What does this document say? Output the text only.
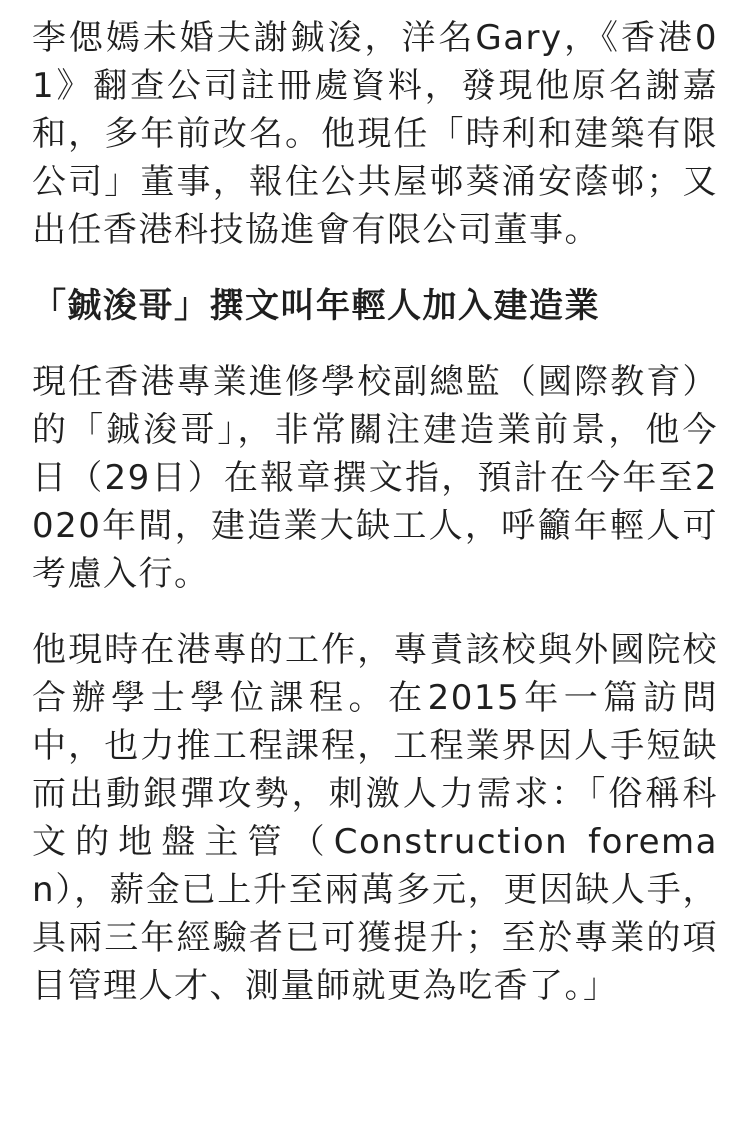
李偲嫣未婚夫謝鋮浚，洋名Gary，《香港01》翻查公司註冊處資料，發現他原名謝嘉和，多年前改名。他現任「時利和建築有限公司」董事，報住公共屋邨葵涌安蔭邨；又出任香港科技協進會有限公司董事。

「鋮浚哥」撰文叫年輕人加入建造業

現任香港專業進修學校副總監（國際教育）的「鋮浚哥」，非常關注建造業前景，他今日（29日）在報章撰文指，預計在今年至2020年間，建造業大缺工人，呼籲年輕人可考慮入行。

他現時在港專的工作，專責該校與外國院校合辦學士學位課程。在2015年一篇訪問中，也力推工程課程，工程業界因人手短缺而出動銀彈攻勢，刺激人力需求：「俗稱科文的地盤主管（Construction foreman），薪金已上升至兩萬多元，更因缺人手，具兩三年經驗者已可獲提升；至於專業的項目管理人才、測量師就更為吃香了。」
